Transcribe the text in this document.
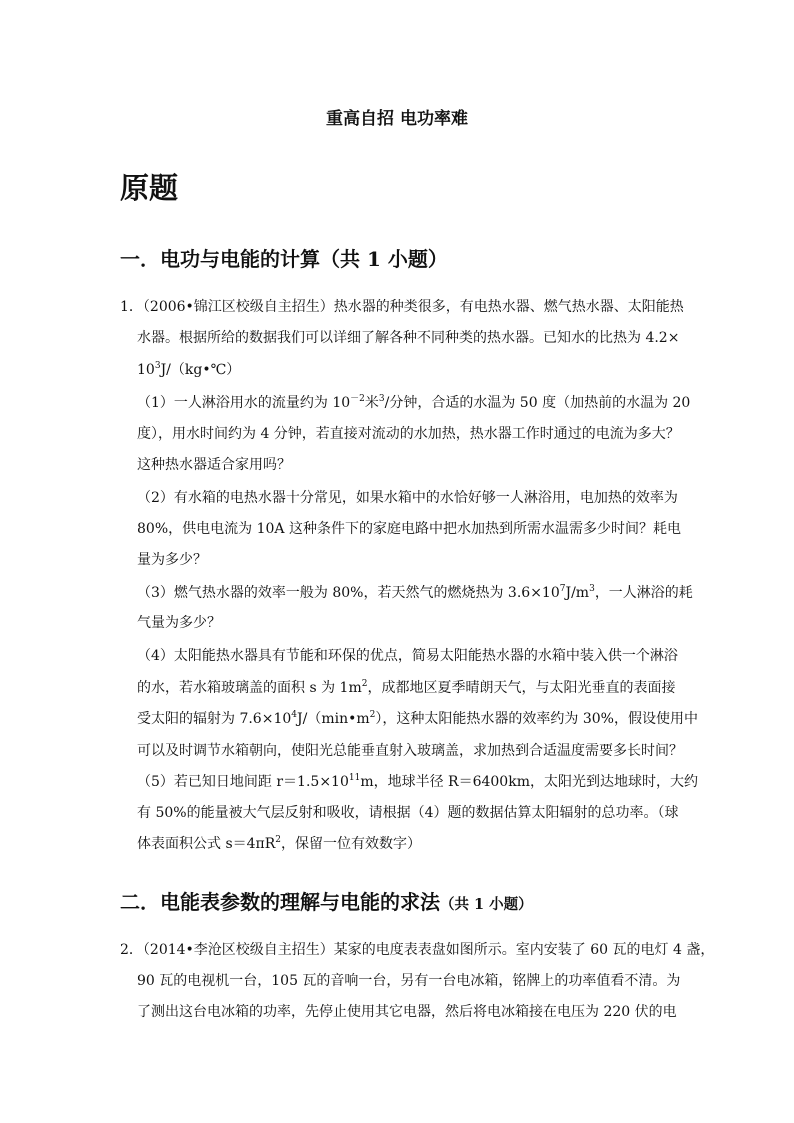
重高自招 电功率难
原题
一．电功与电能的计算（共 1 小题）

1．（2006•锦江区校级自主招生）热水器的种类很多，有电热水器、燃气热水器、太阳能热

水器。根据所给的数据我们可以详细了解各种不同种类的热水器。已知水的比热为 4.2×

$10^3J/(kg•℃)$

（1）一人淋浴用水的流量约为 $10^{-2}$米$^3$/分钟，合适的水温为 50 度（加热前的水温为 20

度），用水时间约为 4 分钟，若直接对流动的水加热，热水器工作时通过的电流为多大？

这种热水器适合家用吗？

（2）有水箱的电热水器十分常见，如果水箱中的水恰好够一人淋浴用，电加热的效率为

80%，供电电流为 10A 这种条件下的家庭电路中把水加热到所需水温需多少时间？耗电

量为多少？

（3）燃气热水器的效率一般为 80%，若天然气的燃烧热为 $3.6\times 10^7J/m^3$，一人淋浴的耗

气量为多少？

（4）太阳能热水器具有节能和环保的优点，简易太阳能热水器的水箱中装入供一个淋浴

的水，若水箱玻璃盖的面积 s 为 $1m^2$，成都地区夏季晴朗天气，与太阳光垂直的表面接

受太阳的辐射为 $7.6\times 10^4J/(\min•m^2)$，这种太阳能热水器的效率约为 30%，假设使用中

可以及时调节水箱朝向，使阳光总能垂直射入玻璃盖，求加热到合适温度需要多长时间？

（5）若已知日地间距 $r=1.5\times 10^{11}m$，地球半径 R＝6400km，太阳光到达地球时，大约

有 50%的能量被大气层反射和吸收，请根据（4）题的数据估算太阳辐射的总功率。（球

体表面积公式 $s=4\pi R^2$，保留一位有效数字）

二．电能表参数的理解与电能的求法（共 1 小题）

2．（2014•李沧区校级自主招生）某家的电度表表盘如图所示。室内安装了 60 瓦的电灯 4 盏，

90 瓦的电视机一台，105 瓦的音响一台，另有一台电冰箱，铭牌上的功率值看不清。为

了测出这台电冰箱的功率，先停止使用其它电器，然后将电冰箱接在电压为 220 伏的电
